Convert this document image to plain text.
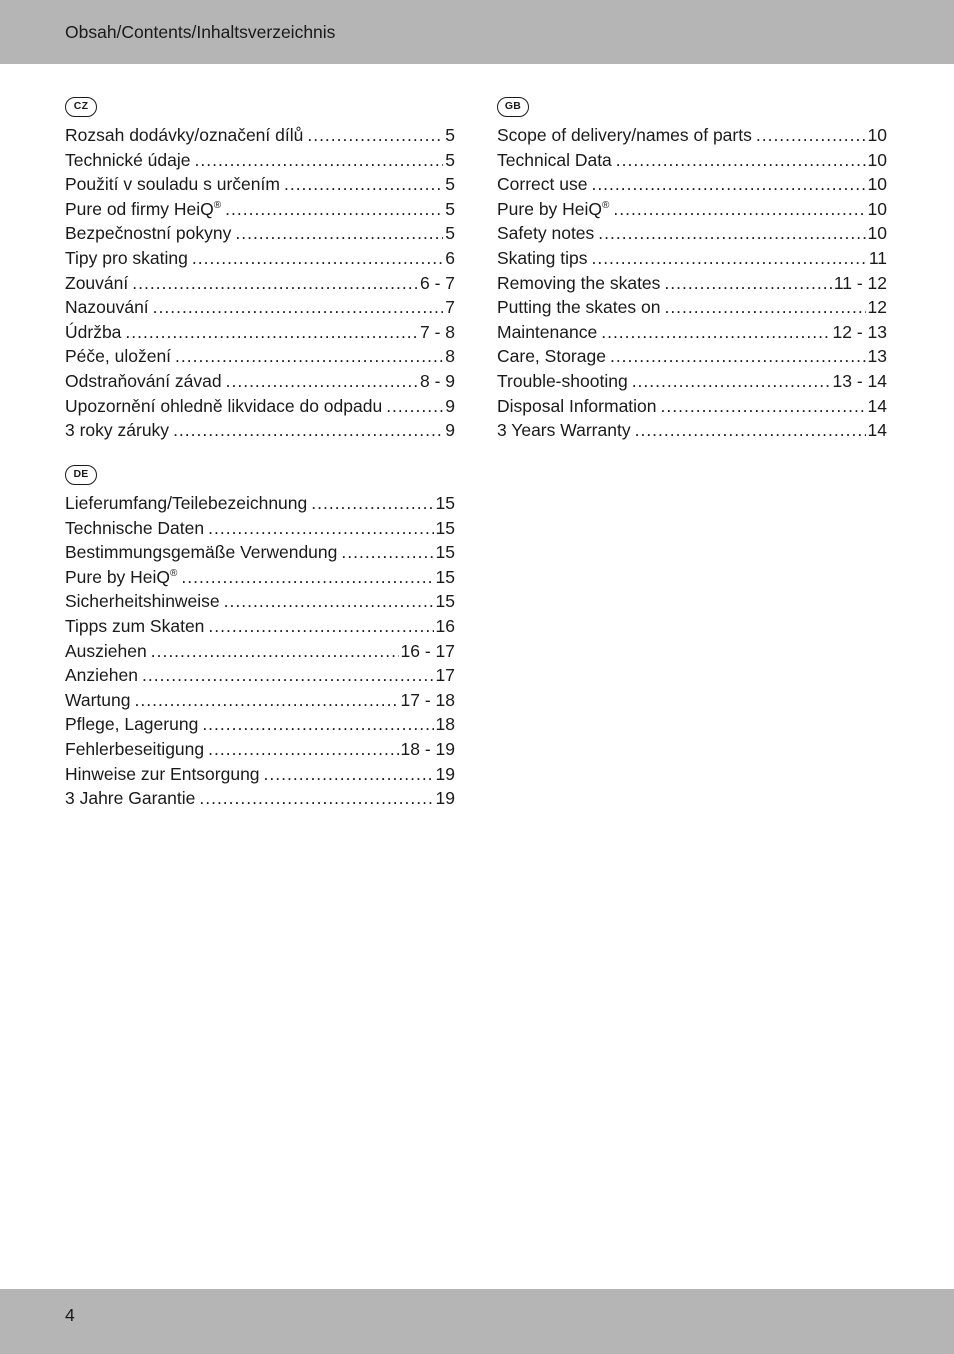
Obsah/Contents/Inhaltsverzeichnis
CZ
Rozsah dodávky/označení dílů .....	5
Technické údaje .....	5
Použití v souladu s určením .....	5
Pure od firmy HeiQ® .....	5
Bezpečnostní pokyny .....	5
Tipy pro skating .....	6
Zouvání .....	6 - 7
Nazouvání .....	7
Údržba .....	7 - 8
Péče, uložení .....	8
Odstraňování závad .....	8 - 9
Upozornění ohledně likvidace do odpadu .....	9
3 roky záruky .....	9
GB
Scope of delivery/names of parts .....	10
Technical Data .....	10
Correct use .....	10
Pure by HeiQ® .....	10
Safety notes .....	10
Skating tips .....	11
Removing the skates .....	11 - 12
Putting the skates on .....	12
Maintenance .....	12 - 13
Care, Storage .....	13
Trouble-shooting .....	13 - 14
Disposal Information .....	14
3 Years Warranty .....	14
DE
Lieferumfang/Teilebezeichnung .....	15
Technische Daten .....	15
Bestimmungsgemäße Verwendung .....	15
Pure by HeiQ® .....	15
Sicherheitshinweise .....	15
Tipps zum Skaten .....	16
Ausziehen .....	16 - 17
Anziehen .....	17
Wartung .....	17 - 18
Pflege, Lagerung .....	18
Fehlerbeseitigung .....	18 - 19
Hinweise zur Entsorgung .....	19
3 Jahre Garantie .....	19
4
